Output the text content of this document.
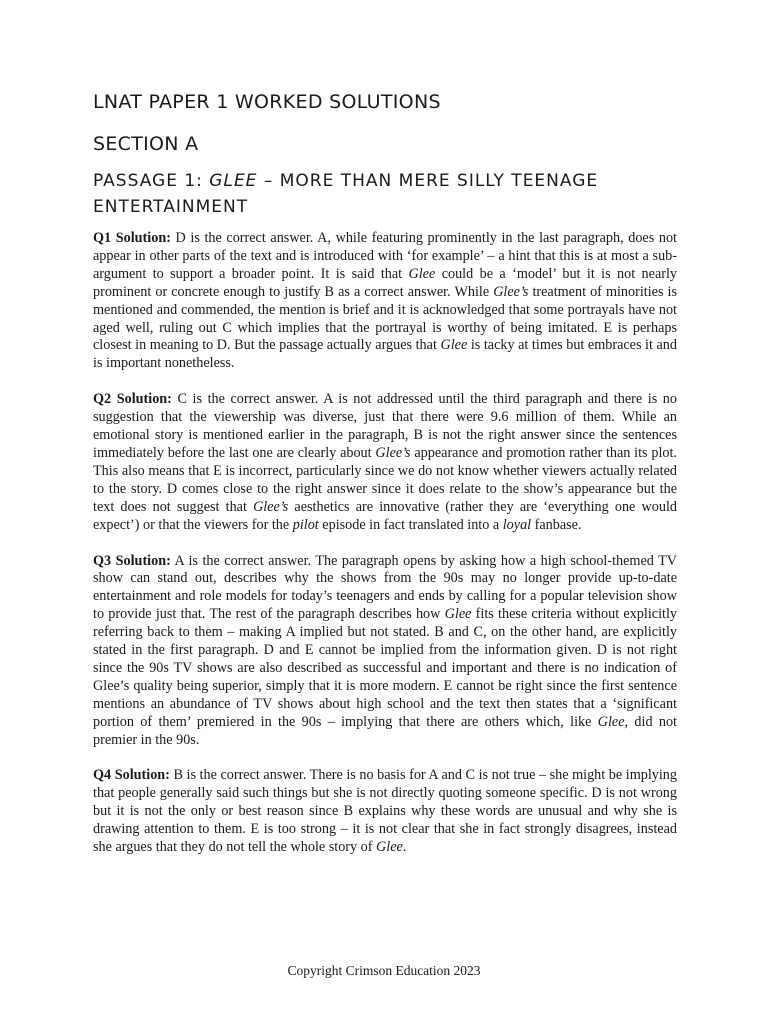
LNAT PAPER 1 WORKED SOLUTIONS
SECTION A
PASSAGE 1: GLEE – MORE THAN MERE SILLY TEENAGE ENTERTAINMENT

Q1 Solution: D is the correct answer. A, while featuring prominently in the last paragraph, does not appear in other parts of the text and is introduced with ‘for example’ – a hint that this is at most a sub-argument to support a broader point. It is said that Glee could be a ‘model’ but it is not nearly prominent or concrete enough to justify B as a correct answer. While Glee’s treatment of minorities is mentioned and commended, the mention is brief and it is acknowledged that some portrayals have not aged well, ruling out C which implies that the portrayal is worthy of being imitated. E is perhaps closest in meaning to D. But the passage actually argues that Glee is tacky at times but embraces it and is important nonetheless.

Q2 Solution: C is the correct answer. A is not addressed until the third paragraph and there is no suggestion that the viewership was diverse, just that there were 9.6 million of them. While an emotional story is mentioned earlier in the paragraph, B is not the right answer since the sentences immediately before the last one are clearly about Glee’s appearance and promotion rather than its plot. This also means that E is incorrect, particularly since we do not know whether viewers actually related to the story. D comes close to the right answer since it does relate to the show’s appearance but the text does not suggest that Glee’s aesthetics are innovative (rather they are ‘everything one would expect’) or that the viewers for the pilot episode in fact translated into a loyal fanbase.

Q3 Solution: A is the correct answer. The paragraph opens by asking how a high school-themed TV show can stand out, describes why the shows from the 90s may no longer provide up-to-date entertainment and role models for today’s teenagers and ends by calling for a popular television show to provide just that. The rest of the paragraph describes how Glee fits these criteria without explicitly referring back to them – making A implied but not stated. B and C, on the other hand, are explicitly stated in the first paragraph. D and E cannot be implied from the information given. D is not right since the 90s TV shows are also described as successful and important and there is no indication of Glee’s quality being superior, simply that it is more modern. E cannot be right since the first sentence mentions an abundance of TV shows about high school and the text then states that a ‘significant portion of them’ premiered in the 90s – implying that there are others which, like Glee, did not premier in the 90s.

Q4 Solution: B is the correct answer. There is no basis for A and C is not true – she might be implying that people generally said such things but she is not directly quoting someone specific. D is not wrong but it is not the only or best reason since B explains why these words are unusual and why she is drawing attention to them. E is too strong – it is not clear that she in fact strongly disagrees, instead she argues that they do not tell the whole story of Glee.

Copyright Crimson Education 2023
